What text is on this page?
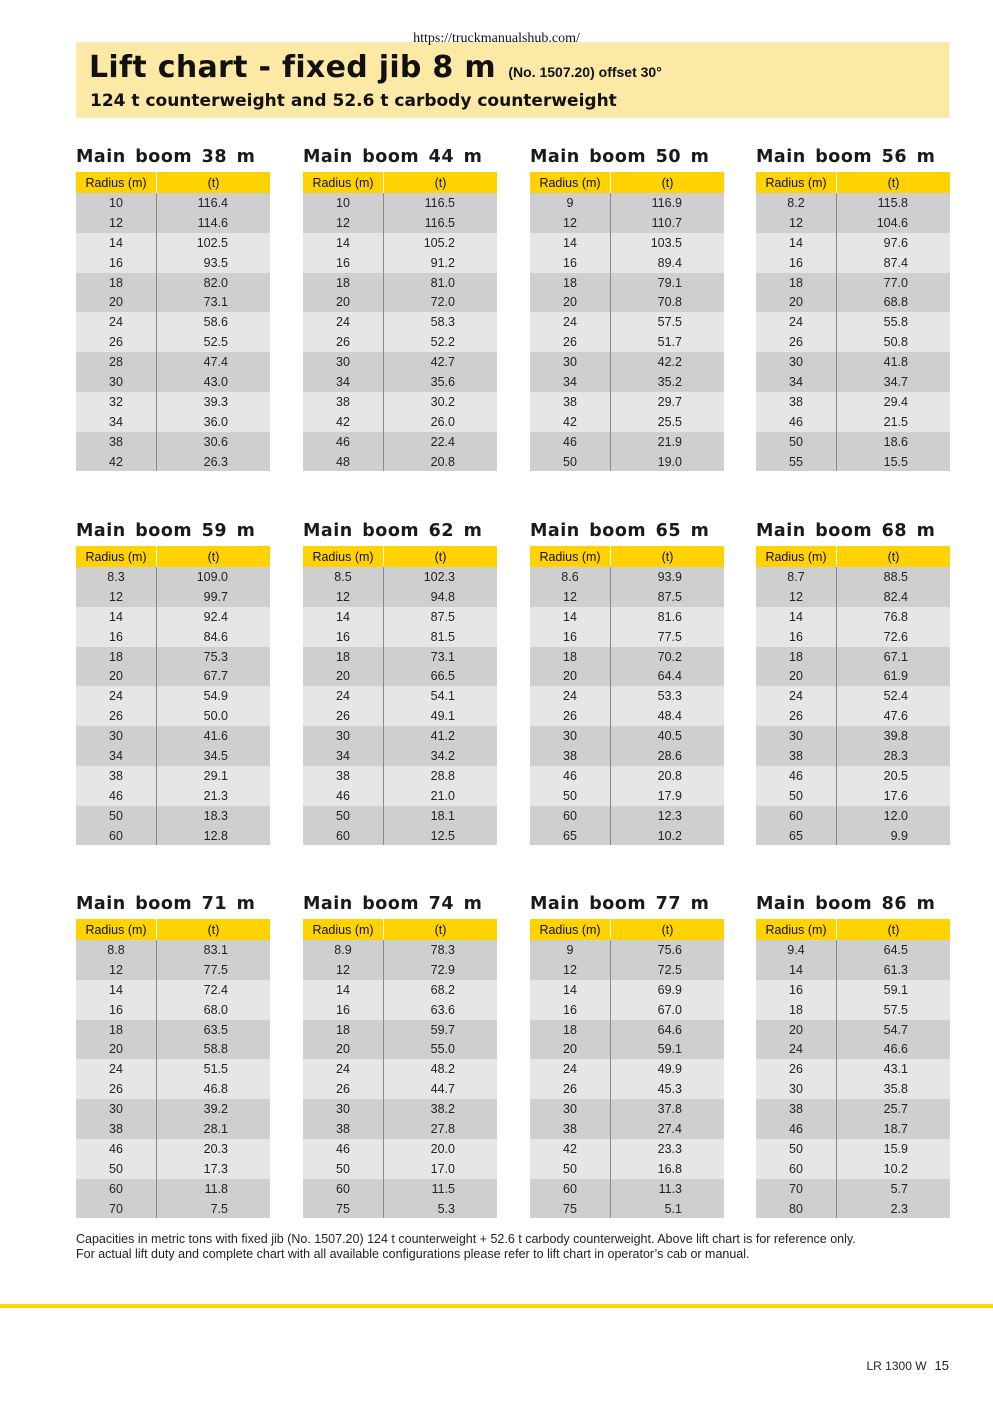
https://truckmanualshub.com/
Lift chart - fixed jib 8 m (No. 1507.20) offset 30°
124 t counterweight and 52.6 t carbody counterweight
Main boom 38 m
Radius (m)	(t)
10	116.4
12	114.6
14	102.5
16	93.5
18	82.0
20	73.1
24	58.6
26	52.5
28	47.4
30	43.0
32	39.3
34	36.0
38	30.6
42	26.3
Main boom 44 m
Radius (m)	(t)
10	116.5
12	116.5
14	105.2
16	91.2
18	81.0
20	72.0
24	58.3
26	52.2
30	42.7
34	35.6
38	30.2
42	26.0
46	22.4
48	20.8
Main boom 50 m
Radius (m)	(t)
9	116.9
12	110.7
14	103.5
16	89.4
18	79.1
20	70.8
24	57.5
26	51.7
30	42.2
34	35.2
38	29.7
42	25.5
46	21.9
50	19.0
Main boom 56 m
Radius (m)	(t)
8.2	115.8
12	104.6
14	97.6
16	87.4
18	77.0
20	68.8
24	55.8
26	50.8
30	41.8
34	34.7
38	29.4
46	21.5
50	18.6
55	15.5
Main boom 59 m
Radius (m)	(t)
8.3	109.0
12	99.7
14	92.4
16	84.6
18	75.3
20	67.7
24	54.9
26	50.0
30	41.6
34	34.5
38	29.1
46	21.3
50	18.3
60	12.8
Main boom 62 m
Radius (m)	(t)
8.5	102.3
12	94.8
14	87.5
16	81.5
18	73.1
20	66.5
24	54.1
26	49.1
30	41.2
34	34.2
38	28.8
46	21.0
50	18.1
60	12.5
Main boom 65 m
Radius (m)	(t)
8.6	93.9
12	87.5
14	81.6
16	77.5
18	70.2
20	64.4
24	53.3
26	48.4
30	40.5
38	28.6
46	20.8
50	17.9
60	12.3
65	10.2
Main boom 68 m
Radius (m)	(t)
8.7	88.5
12	82.4
14	76.8
16	72.6
18	67.1
20	61.9
24	52.4
26	47.6
30	39.8
38	28.3
46	20.5
50	17.6
60	12.0
65	9.9
Main boom 71 m
Radius (m)	(t)
8.8	83.1
12	77.5
14	72.4
16	68.0
18	63.5
20	58.8
24	51.5
26	46.8
30	39.2
38	28.1
46	20.3
50	17.3
60	11.8
70	7.5
Main boom 74 m
Radius (m)	(t)
8.9	78.3
12	72.9
14	68.2
16	63.6
18	59.7
20	55.0
24	48.2
26	44.7
30	38.2
38	27.8
46	20.0
50	17.0
60	11.5
75	5.3
Main boom 77 m
Radius (m)	(t)
9	75.6
12	72.5
14	69.9
16	67.0
18	64.6
20	59.1
24	49.9
26	45.3
30	37.8
38	27.4
42	23.3
50	16.8
60	11.3
75	5.1
Main boom 86 m
Radius (m)	(t)
9.4	64.5
14	61.3
16	59.1
18	57.5
20	54.7
24	46.6
26	43.1
30	35.8
38	25.7
46	18.7
50	15.9
60	10.2
70	5.7
80	2.3
Capacities in metric tons with fixed jib (No. 1507.20) 124 t counterweight + 52.6 t carbody counterweight. Above lift chart is for reference only.
For actual lift duty and complete chart with all available configurations please refer to lift chart in operator’s cab or manual.
LR 1300 W 15
